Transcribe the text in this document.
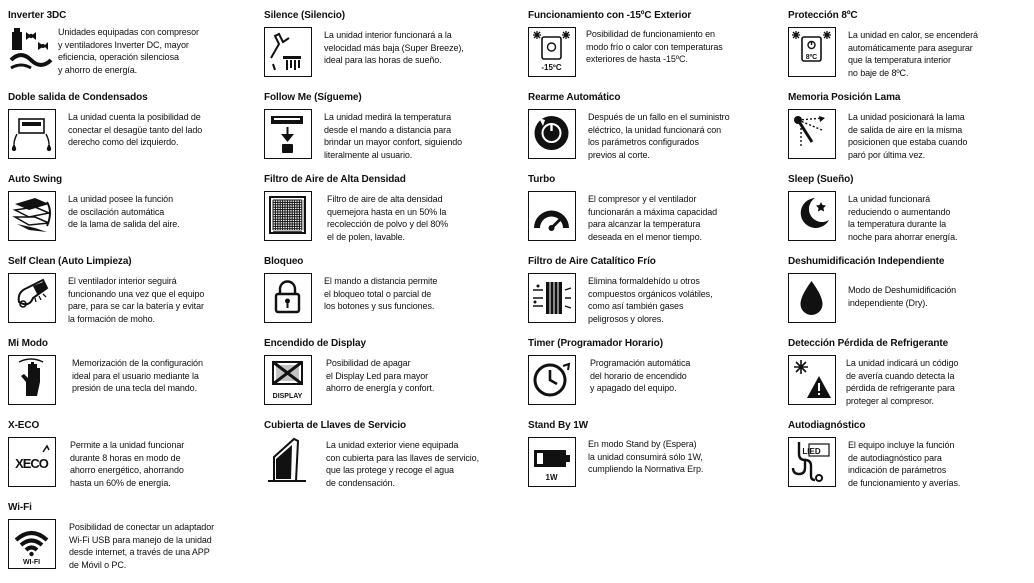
Inverter 3DC
Unidades equipadas con compresor
y ventiladores Inverter DC, mayor
eficiencia, operación silenciosa
y ahorro de energía.
Doble salida de Condensados
La unidad cuenta la posibilidad de
conectar el desagüe tanto del lado
derecho como del izquierdo.
Auto Swing
La unidad posee la función
de oscilación automática
de la lama de salida del aire.
Self Clean (Auto Limpieza)
El ventilador interior seguirá
funcionando una vez que el equipo
pare, para se car la batería y evitar
la formación de moho.
Mi Modo
Memorización de la configuración
ideal para el usuario mediante la
presión de una tecla del mando.
X-ECO
XECO
Permite a la unidad funcionar
durante 8 horas en modo de
ahorro energético, ahorrando
hasta un 60% de energía.
Wi-Fi
WI-FI
Posibilidad de conectar un adaptador
Wi-Fi USB para manejo de la unidad
desde internet, a través de una APP
de Móvil o PC.
Silence (Silencio)
La unidad interior funcionará a la
velocidad más baja (Super Breeze),
ideal para las horas de sueño.
Follow Me (Sígueme)
La unidad medirá la temperatura
desde el mando a distancia para
brindar un mayor confort, siguiendo
literalmente al usuario.
Filtro de Aire de Alta Densidad
Filtro de aire de alta densidad
quemejora hasta en un 50% la
recolección de polvo y del 80%
el de polen, lavable.
Bloqueo
El mando a distancia permite
el bloqueo total o parcial de
los botones y sus funciones.
Encendido de Display
DISPLAY
Posibilidad de apagar
el Display Led para mayor
ahorro de energía y confort.
Cubierta de Llaves de Servicio
La unidad exterior viene equipada
con cubierta para las llaves de servicio,
que las protege y recoge el agua
de condensación.
Funcionamiento con -15ºC Exterior
-15ºC
Posibilidad de funcionamiento en
modo frío o calor con temperaturas
exteriores de hasta -15ºC.
Rearme Automático
Después de un fallo en el suministro
eléctrico, la unidad funcionará con
los parámetros configurados
previos al corte.
Turbo
El compresor y el ventilador
funcionarán a máxima capacidad
para alcanzar la temperatura
deseada en el menor tiempo.
Filtro de Aire Catalítico Frío
Elimina formaldehído u otros
compuestos orgánicos volátiles,
como así también gases
peligrosos y olores.
Timer (Programador Horario)
Programación automática
del horario de encendido
y apagado del equipo.
Stand By 1W
1W
En modo Stand by (Espera)
la unidad consumirá sólo 1W,
cumpliendo la Normativa Erp.
Protección 8ºC
8ºC
La unidad en calor, se encenderá
automáticamente para asegurar
que la temperatura interior
no baje de 8ºC.
Memoria Posición Lama
La unidad posicionará la lama
de salida de aire en la misma
posicionen que estaba cuando
paró por última vez.
Sleep (Sueño)
La unidad funcionará
reduciendo o aumentando
la temperatura durante la
noche para ahorrar energía.
Deshumidificación Independiente
Modo de Deshumidificación
independiente (Dry).
Detección Pérdida de Refrigerante
La unidad indicará un código
de avería cuando detecta la
pérdida de refrigerante para
proteger al compresor.
Autodiagnóstico
LIED
El equipo incluye la función
de autodiagnóstico para
indicación de parámetros
de funcionamiento y averías.
